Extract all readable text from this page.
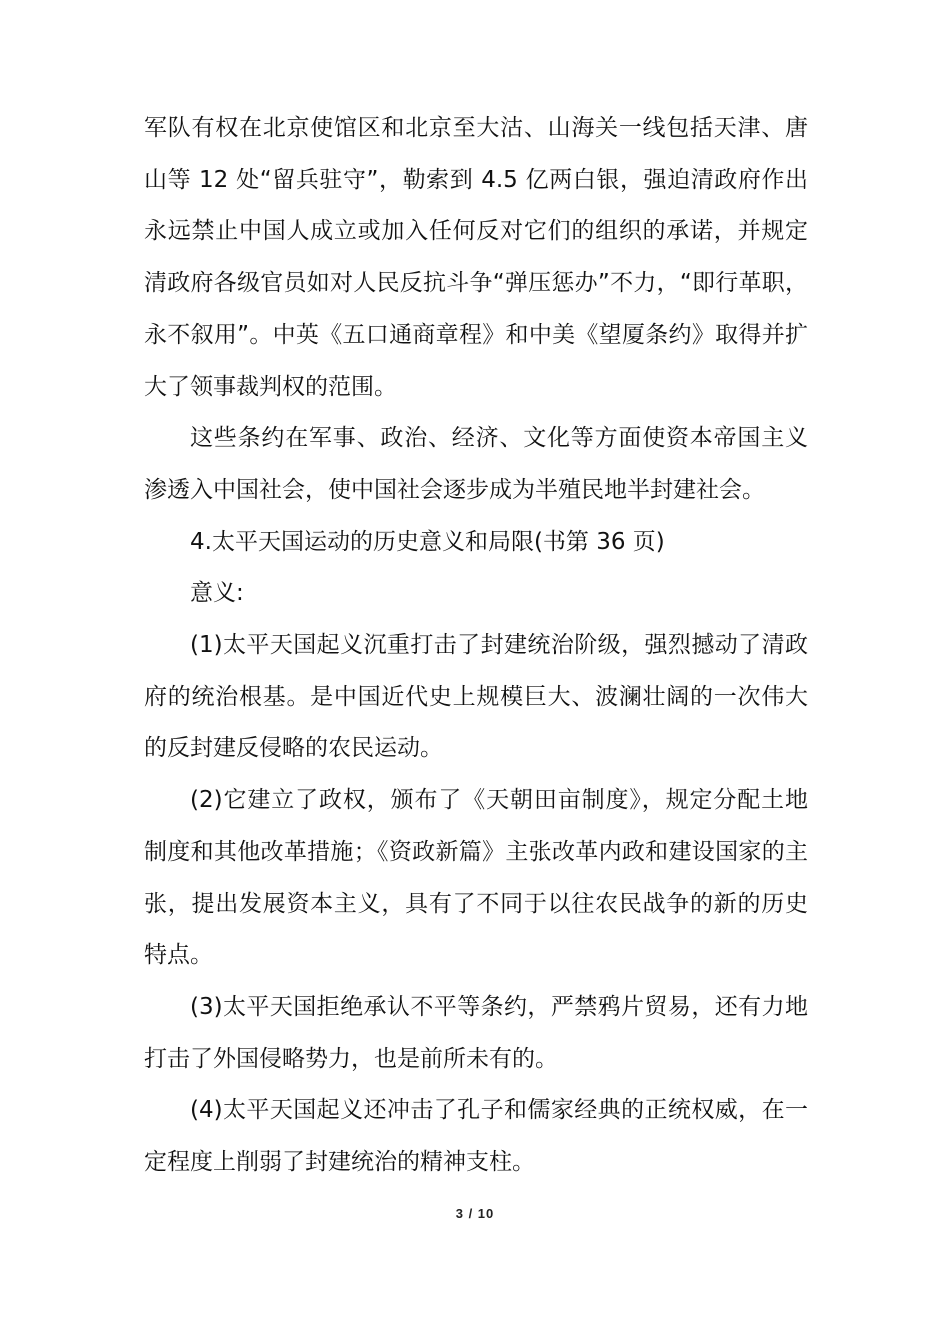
军队有权在北京使馆区和北京至大沽、山海关一线包括天津、唐山等 12 处“留兵驻守”，勒索到 4.5 亿两白银，强迫清政府作出永远禁止中国人成立或加入任何反对它们的组织的承诺，并规定清政府各级官员如对人民反抗斗争“弹压惩办”不力，“即行革职，永不叙用”。中英《五口通商章程》和中美《望厦条约》取得并扩大了领事裁判权的范围。

这些条约在军事、政治、经济、文化等方面使资本帝国主义渗透入中国社会，使中国社会逐步成为半殖民地半封建社会。

4.太平天国运动的历史意义和局限(书第 36 页)

意义:

(1)太平天国起义沉重打击了封建统治阶级，强烈撼动了清政府的统治根基。是中国近代史上规模巨大、波澜壮阔的一次伟大的反封建反侵略的农民运动。

(2)它建立了政权，颁布了《天朝田亩制度》，规定分配土地制度和其他改革措施；《资政新篇》主张改革内政和建设国家的主张，提出发展资本主义，具有了不同于以往农民战争的新的历史特点。

(3)太平天国拒绝承认不平等条约，严禁鸦片贸易，还有力地打击了外国侵略势力，也是前所未有的。

(4)太平天国起义还冲击了孔子和儒家经典的正统权威，在一定程度上削弱了封建统治的精神支柱。

3 / 10
